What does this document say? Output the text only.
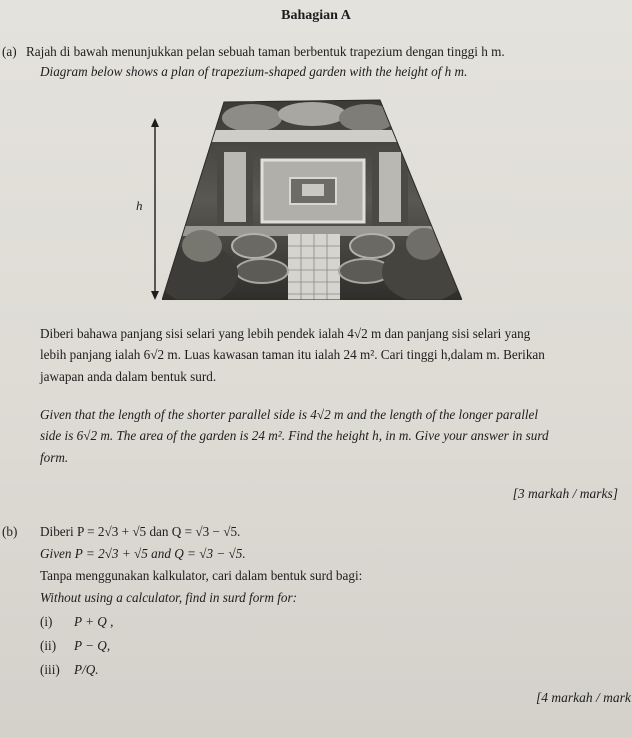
Bahagian A
(a) Rajah di bawah menunjukkan pelan sebuah taman berbentuk trapezium dengan tinggi h m.
Diagram below shows a plan of trapezium-shaped garden with the height of h m.
h
Diberi bahawa panjang sisi selari yang lebih pendek ialah 4√2 m dan panjang sisi selari yang
lebih panjang ialah 6√2 m. Luas kawasan taman itu ialah 24 m². Cari tinggi h,dalam m. Berikan
jawapan anda dalam bentuk surd.
Given that the length of the shorter parallel side is 4√2 m and the length of the longer parallel
side is 6√2 m. The area of the garden is 24 m². Find the height h, in m. Give your answer in surd
form.
[3 markah / marks]
(b) Diberi P = 2√3 + √5 dan Q = √3 − √5.
Given P = 2√3 + √5 and Q = √3 − √5.
Tanpa menggunakan kalkulator, cari dalam bentuk surd bagi:
Without using a calculator, find in surd form for:
(i) P + Q ,
(ii) P − Q,
(iii) P/Q.
[4 markah / mark
